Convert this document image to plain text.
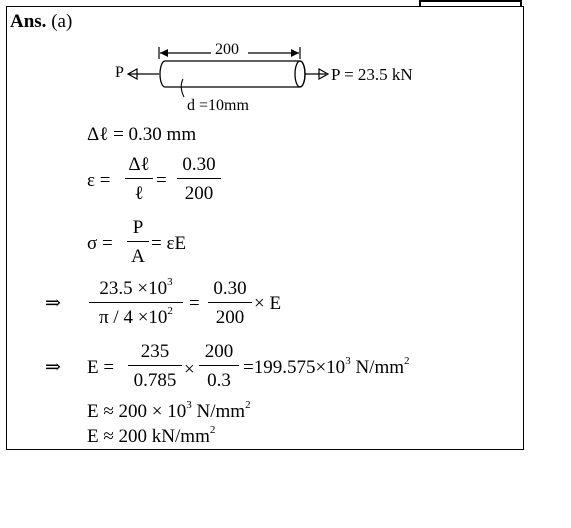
Ans. (a)
200
P	P = 23.5 kN
d =10mm
Δℓ = 0.30 mm
ε =
Δℓ
ℓ
=
0.30
200
σ =
P
A
= εE
⇒
$23.5 \times 10^3$
$\pi / 4 \times 10^2$ =
0.30
200
× E
⇒ E =
235
0.785
×
200
0.3
$=199.575\times 10^3$ $N/mm^2$
$E \approx 200 \times 10^3$ $N/mm^2$
E ≈ 200 $kN/mm^2$
